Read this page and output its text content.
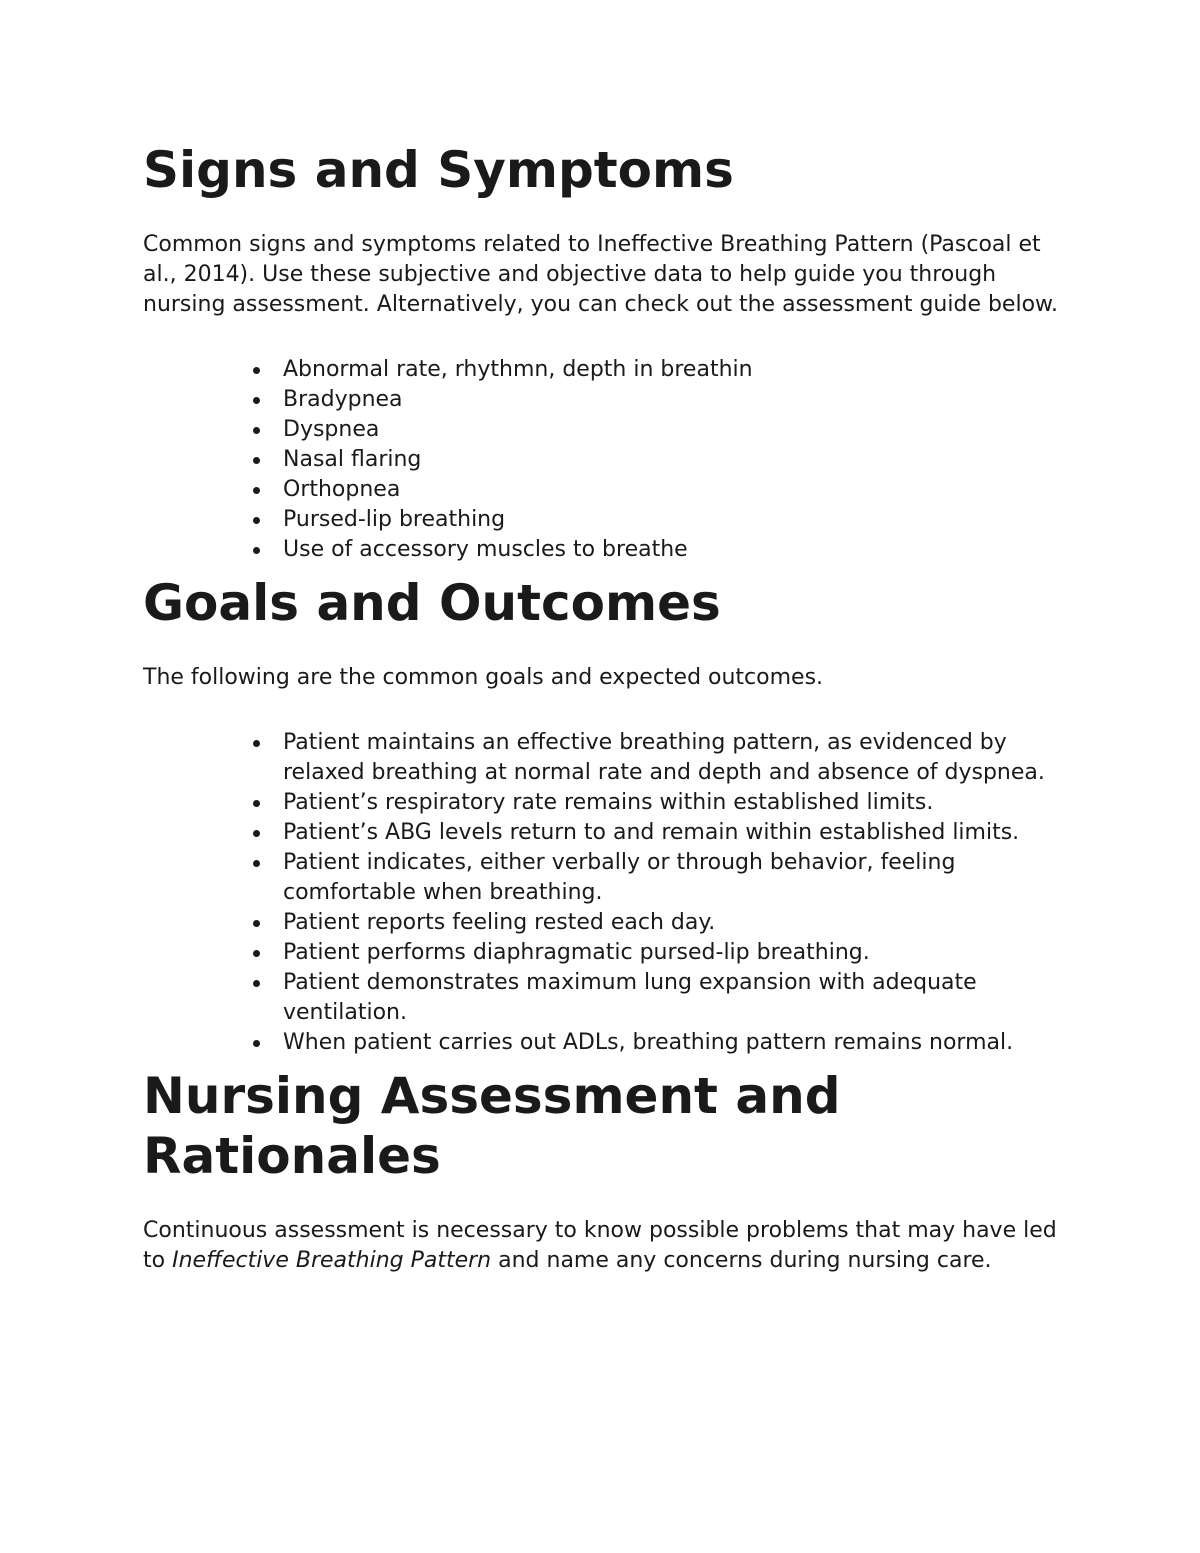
Signs and Symptoms

Common signs and symptoms related to Ineffective Breathing Pattern (Pascoal et al., 2014). Use these subjective and objective data to help guide you through nursing assessment. Alternatively, you can check out the assessment guide below.

Abnormal rate, rhythmn, depth in breathin
Bradypnea
Dyspnea
Nasal flaring
Orthopnea
Pursed-lip breathing
Use of accessory muscles to breathe
Goals and Outcomes

The following are the common goals and expected outcomes.

Patient maintains an effective breathing pattern, as evidenced by relaxed breathing at normal rate and depth and absence of dyspnea.
Patient’s respiratory rate remains within established limits.
Patient’s ABG levels return to and remain within established limits.
Patient indicates, either verbally or through behavior, feeling comfortable when breathing.
Patient reports feeling rested each day.
Patient performs diaphragmatic pursed-lip breathing.
Patient demonstrates maximum lung expansion with adequate ventilation.
When patient carries out ADLs, breathing pattern remains normal.
Nursing Assessment and Rationales

Continuous assessment is necessary to know possible problems that may have led to Ineffective Breathing Pattern and name any concerns during nursing care.
